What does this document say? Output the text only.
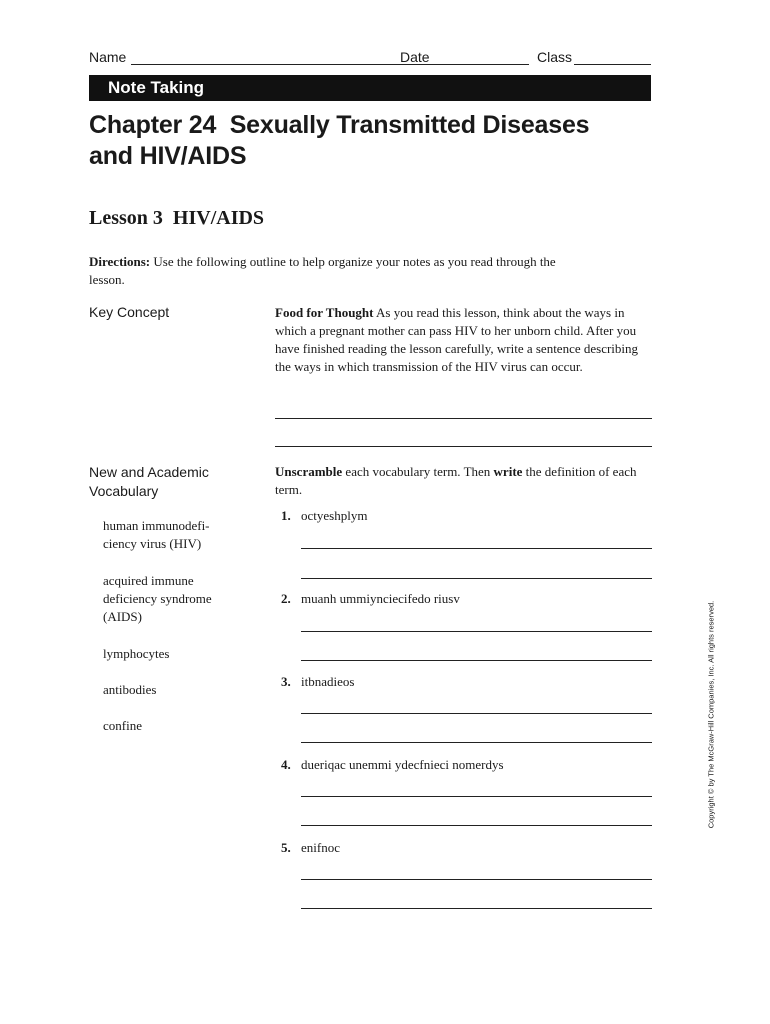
Name	Date	Class
Note Taking
Chapter 24  Sexually Transmitted Diseases
and HIV/AIDS
Lesson 3  HIV/AIDS
Directions: Use the following outline to help organize your notes as you read through the lesson.
Key Concept	Food for Thought As you read this lesson, think about the ways in which a pregnant mother can pass HIV to her unborn child. After you have finished reading the lesson carefully, write a sentence describing the ways in which transmission of the HIV virus can occur.
New and Academic Vocabulary
human immunodefi-ciency virus (HIV)
acquired immune deficiency syndrome (AIDS)
lymphocytes
antibodies
confine
Unscramble each vocabulary term. Then write the definition of each term.
1. octyeshplym
2. muanh ummiynciecifedo riusv
3. itbnadieos
4. dueriqac unemmi ydecfnieci nomerdys
5. enifnoc
Copyright © by The McGraw-Hill Companies, Inc. All rights reserved.
